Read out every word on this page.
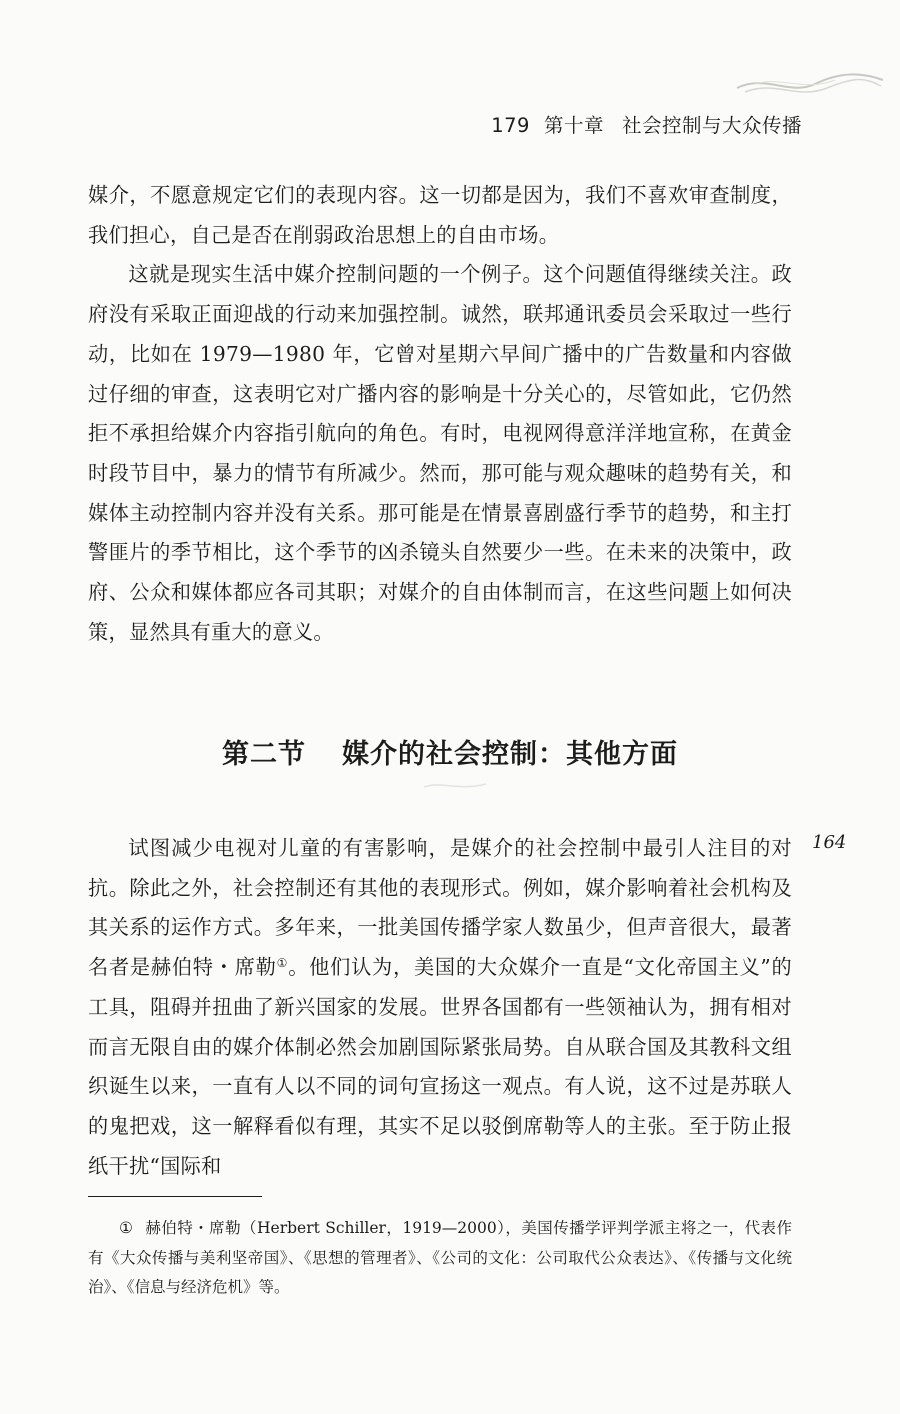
179 第十章 社会控制与大众传播

媒介，不愿意规定它们的表现内容。这一切都是因为，我们不喜欢审查制度，我们担心，自己是否在削弱政治思想上的自由市场。

这就是现实生活中媒介控制问题的一个例子。这个问题值得继续关注。政府没有采取正面迎战的行动来加强控制。诚然，联邦通讯委员会采取过一些行动，比如在 1979—1980 年，它曾对星期六早间广播中的广告数量和内容做过仔细的审查，这表明它对广播内容的影响是十分关心的，尽管如此，它仍然拒不承担给媒介内容指引航向的角色。有时，电视网得意洋洋地宣称，在黄金时段节目中，暴力的情节有所减少。然而，那可能与观众趣味的趋势有关，和媒体主动控制内容并没有关系。那可能是在情景喜剧盛行季节的趋势，和主打警匪片的季节相比，这个季节的凶杀镜头自然要少一些。在未来的决策中，政府、公众和媒体都应各司其职；对媒介的自由体制而言，在这些问题上如何决策，显然具有重大的意义。

第二节 媒介的社会控制：其他方面
164

试图减少电视对儿童的有害影响，是媒介的社会控制中最引人注目的对抗。除此之外，社会控制还有其他的表现形式。例如，媒介影响着社会机构及其关系的运作方式。多年来，一批美国传播学家人数虽少，但声音很大，最著名者是赫伯特・席勒①。他们认为，美国的大众媒介一直是“文化帝国主义”的工具，阻碍并扭曲了新兴国家的发展。世界各国都有一些领袖认为，拥有相对而言无限自由的媒介体制必然会加剧国际紧张局势。自从联合国及其教科文组织诞生以来，一直有人以不同的词句宣扬这一观点。有人说，这不过是苏联人的鬼把戏，这一解释看似有理，其实不足以驳倒席勒等人的主张。至于防止报纸干扰“国际和

① 赫伯特・席勒（Herbert Schiller，1919—2000），美国传播学评判学派主将之一，代表作有《大众传播与美利坚帝国》、《思想的管理者》、《公司的文化：公司取代公众表达》、《传播与文化统治》、《信息与经济危机》等。
